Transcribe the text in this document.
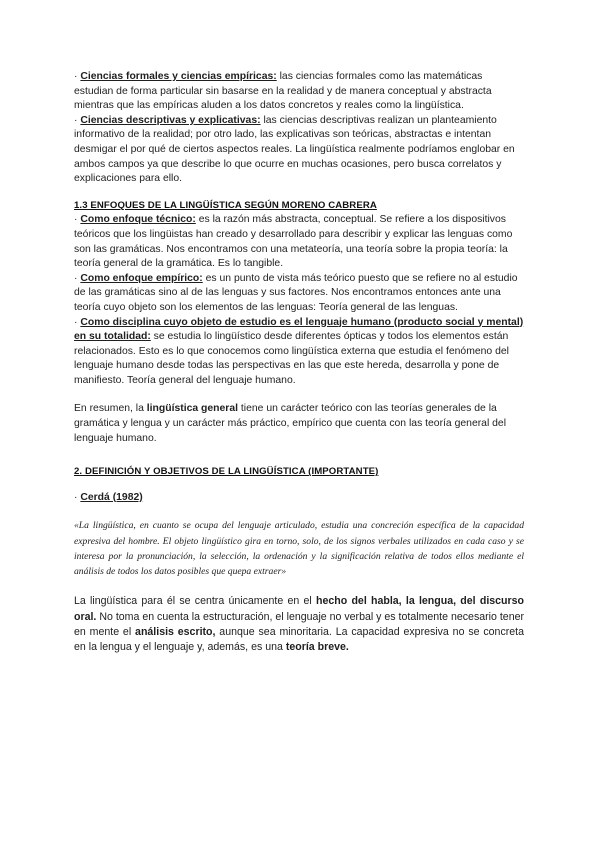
· Ciencias formales y ciencias empíricas: las ciencias formales como las matemáticas estudian de forma particular sin basarse en la realidad y de manera conceptual y abstracta mientras que las empíricas aluden a los datos concretos y reales como la lingüística.

· Ciencias descriptivas y explicativas: las ciencias descriptivas realizan un planteamiento informativo de la realidad; por otro lado, las explicativas son teóricas, abstractas e intentan desmigar el por qué de ciertos aspectos reales. La lingüística realmente podríamos englobar en ambos campos ya que describe lo que ocurre en muchas ocasiones, pero busca correlatos y explicaciones para ello.

1.3 ENFOQUES DE LA LINGÜÍSTICA SEGÚN MORENO CABRERA

· Como enfoque técnico: es la razón más abstracta, conceptual. Se refiere a los dispositivos teóricos que los lingüistas han creado y desarrollado para describir y explicar las lenguas como son las gramáticas. Nos encontramos con una metateoría, una teoría sobre la propia teoría: la teoría general de la gramática. Es lo tangible.

· Como enfoque empírico: es un punto de vista más teórico puesto que se refiere no al estudio de las gramáticas sino al de las lenguas y sus factores. Nos encontramos entonces ante una teoría cuyo objeto son los elementos de las lenguas: Teoría general de las lenguas.

· Como disciplina cuyo objeto de estudio es el lenguaje humano (producto social y mental) en su totalidad: se estudia lo lingüístico desde diferentes ópticas y todos los elementos están relacionados. Esto es lo que conocemos como lingüística externa que estudia el fenómeno del lenguaje humano desde todas las perspectivas en las que este hereda, desarrolla y pone de manifiesto. Teoría general del lenguaje humano.

En resumen, la lingüística general tiene un carácter teórico con las teorías generales de la gramática y lengua y un carácter más práctico, empírico que cuenta con las teoría general del lenguaje humano.

2. DEFINICIÓN Y OBJETIVOS DE LA LINGÜÍSTICA (IMPORTANTE)

· Cerdá (1982)

«La lingüística, en cuanto se ocupa del lenguaje articulado, estudia una concreción específica de la capacidad expresiva del hombre. El objeto lingüístico gira en torno, solo, de los signos verbales utilizados en cada caso y se interesa por la pronunciación, la selección, la ordenación y la significación relativa de todos ellos mediante el análisis de todos los datos posibles que quepa extraer»

La lingüística para él se centra únicamente en el hecho del habla, la lengua, del discurso oral. No toma en cuenta la estructuración, el lenguaje no verbal y es totalmente necesario tener en mente el análisis escrito, aunque sea minoritaria. La capacidad expresiva no se concreta en la lengua y el lenguaje y, además, es una teoría breve.
